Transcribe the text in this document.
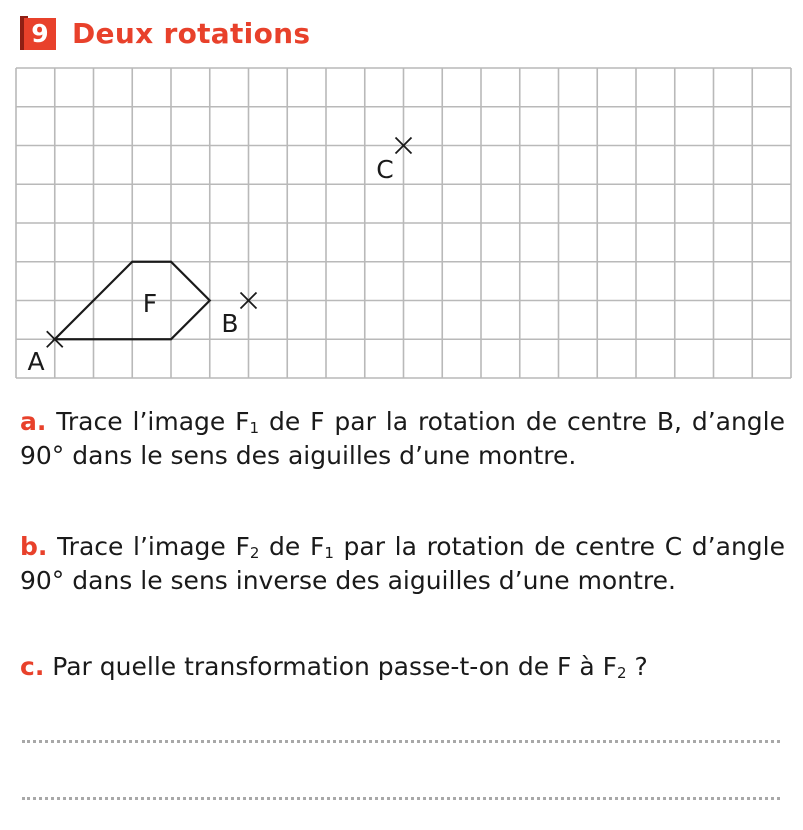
9 Deux rotations
F
A
B
C

a. Trace l’image $F_1$ de F par la rotation de centre B, d’angle 90° dans le sens des aiguilles d’une montre.

b. Trace l’image $F_2$ de $F_1$ par la rotation de centre C d’angle 90° dans le sens inverse des aiguilles d’une montre.

c. Par quelle transformation passe-t-on de F à $F_2$ ?
